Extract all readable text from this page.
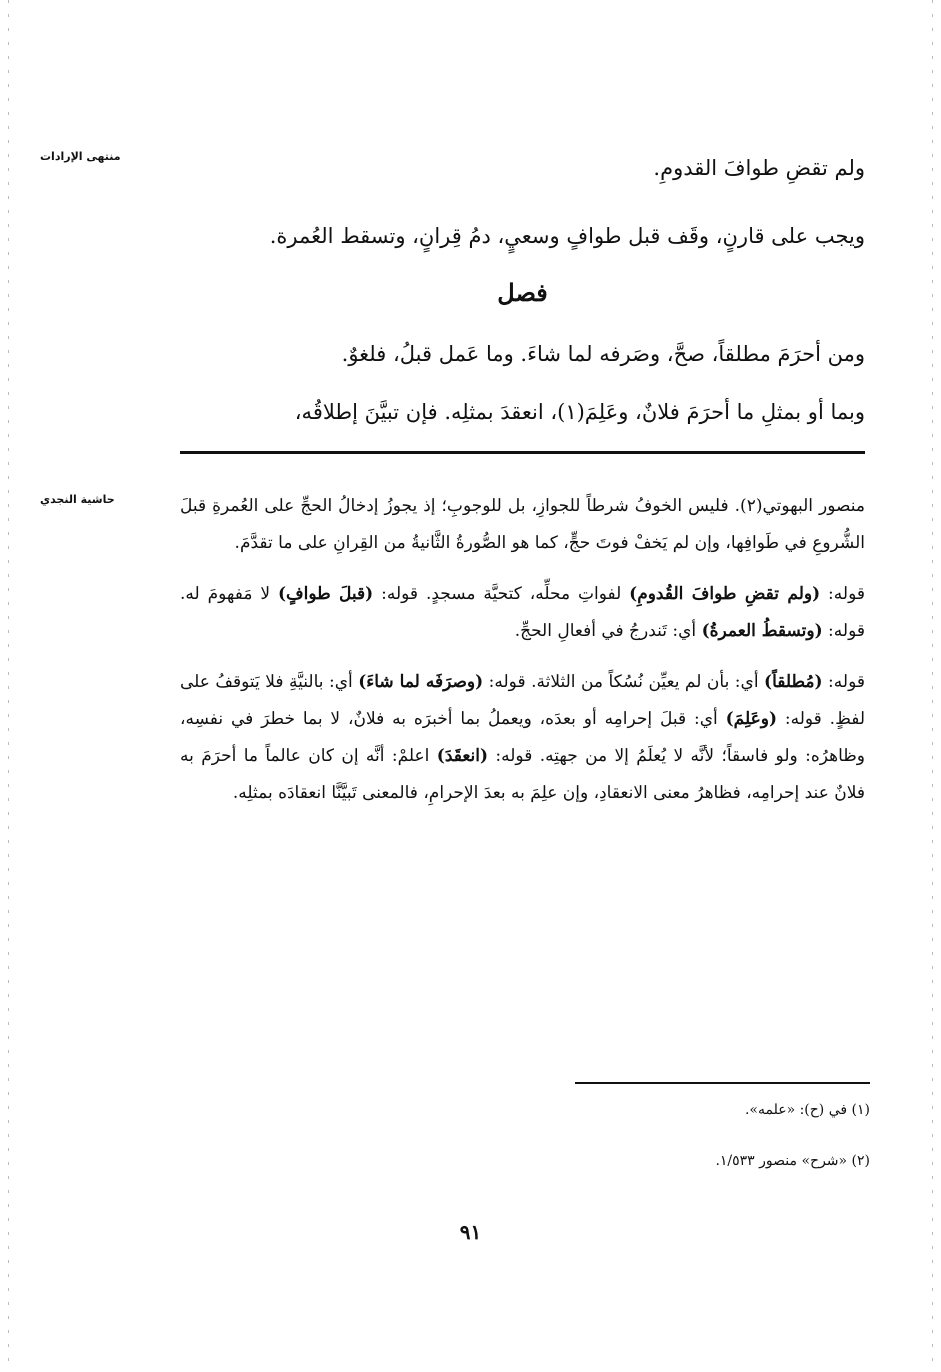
منتهى الإرادات
حاشية النجدي

ولم تقضِ طوافَ القدومِ.

ويجب على قارنٍ، وقَف قبل طوافٍ وسعيٍ، دمُ قِرانٍ، وتسقط العُمرة.

فصل

ومن أحرَمَ مطلقاً، صحَّ، وصَرفه لما شاءَ. وما عَمل قبلُ، فلغوٌ.

وبما أو بمثلِ ما أحرَمَ فلانٌ، وعَلِمَ(١)، انعقدَ بمثلِه. فإن تبيَّنَ إطلاقُه،

منصور البهوتي(٢). فليس الخوفُ شرطاً للجوازِ، بل للوجوبِ؛ إذ يجوزُ إدخالُ الحجِّ على العُمرةِ قبلَ الشُّروعِ في طَوافِها، وإن لم يَخفْ فوتَ حجٍّ، كما هو الصُّورةُ الثَّانيةُ من القِرانِ على ما تقدَّمَ.

قوله: (ولم تقضِ طوافَ القُدومِ) لفواتِ محلِّه، كتحيَّة مسجدٍ. قوله: (قبلَ طوافٍ) لا مَفهومَ له. قوله: (وتسقطُ العمرةُ) أي: تَندرجُ في أفعالِ الحجِّ.

قوله: (مُطلقاً) أي: بأن لم يعيِّن نُسُكاً من الثلاثة. قوله: (وصرَفَه لما شاءَ) أي: بالنيَّةِ فلا يَتوقفُ على لفظٍ. قوله: (وعَلِمَ) أي: قبلَ إحرامِه أو بعدَه، ويعملُ بما أخبرَه به فلانٌ، لا بما خطرَ في نفسِه، وظاهرُه: ولو فاسقاً؛ لأنَّه لا يُعلَمُ إلا من جهتِه. قوله: (انعقَدَ) اعلمْ: أنَّه إن كان عالماً ما أحرَمَ به فلانٌ عند إحرامِه، فظاهرُ معنى الانعقادِ، وإن علِمَ به بعدَ الإحرامِ، فالمعنى تَبيَّنَّا انعقادَه بمثلِه.

(١) في (ح): «علمه».
(٢) «شرح» منصور ١/٥٣٣.
٩١
